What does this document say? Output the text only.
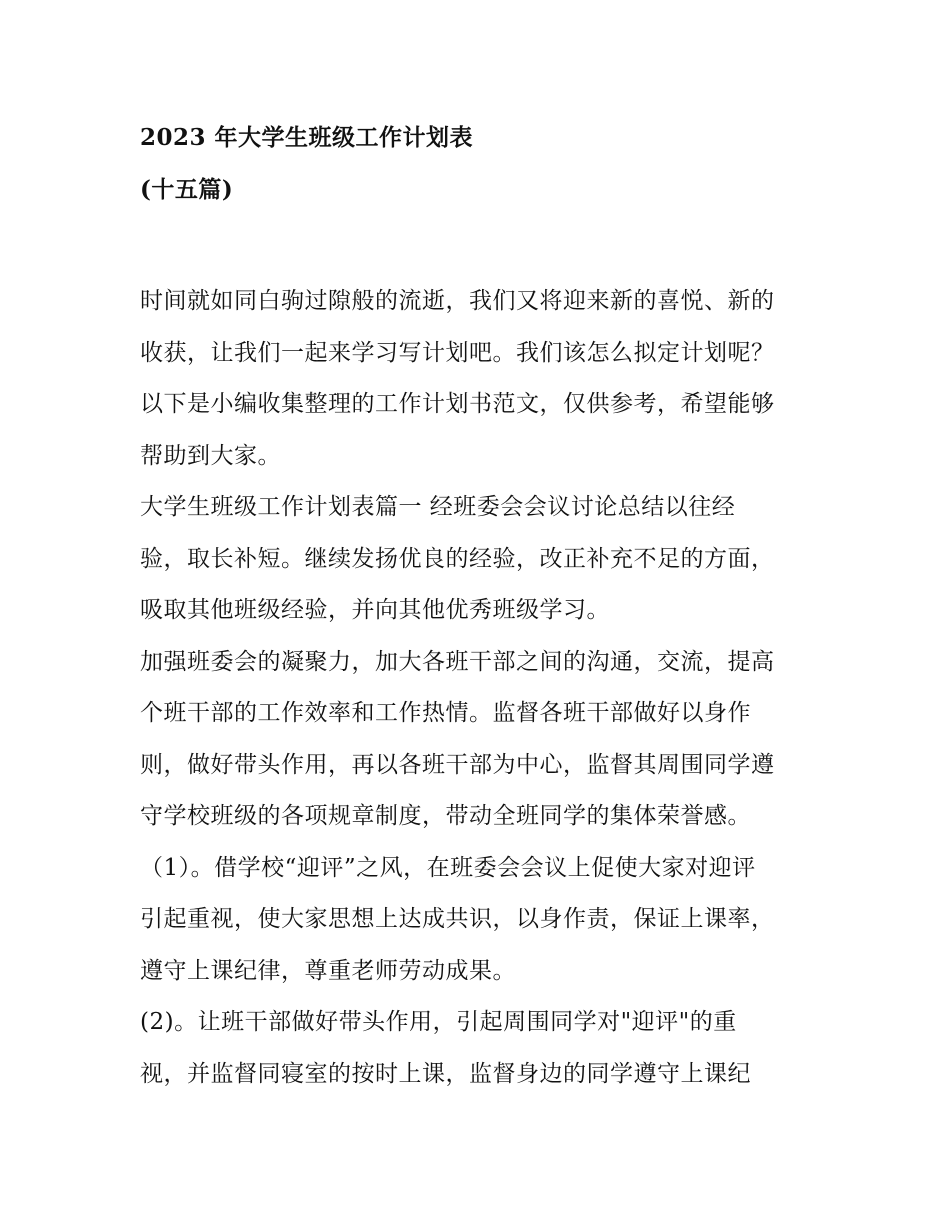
2023 年大学生班级工作计划表
(十五篇)
时间就如同白驹过隙般的流逝，我们又将迎来新的喜悦、新的
收获，让我们一起来学习写计划吧。我们该怎么拟定计划呢？
以下是小编收集整理的工作计划书范文，仅供参考，希望能够
帮助到大家。
大学生班级工作计划表篇一 经班委会会议讨论总结以往经
验，取长补短。继续发扬优良的经验，改正补充不足的方面，
吸取其他班级经验，并向其他优秀班级学习。
加强班委会的凝聚力，加大各班干部之间的沟通，交流，提高
个班干部的工作效率和工作热情。监督各班干部做好以身作
则，做好带头作用，再以各班干部为中心，监督其周围同学遵
守学校班级的各项规章制度，带动全班同学的集体荣誉感。
（1）。借学校“迎评”之风，在班委会会议上促使大家对迎评
引起重视，使大家思想上达成共识，以身作责，保证上课率，
遵守上课纪律，尊重老师劳动成果。
(2)。让班干部做好带头作用，引起周围同学对"迎评"的重
视，并监督同寝室的按时上课，监督身边的同学遵守上课纪
